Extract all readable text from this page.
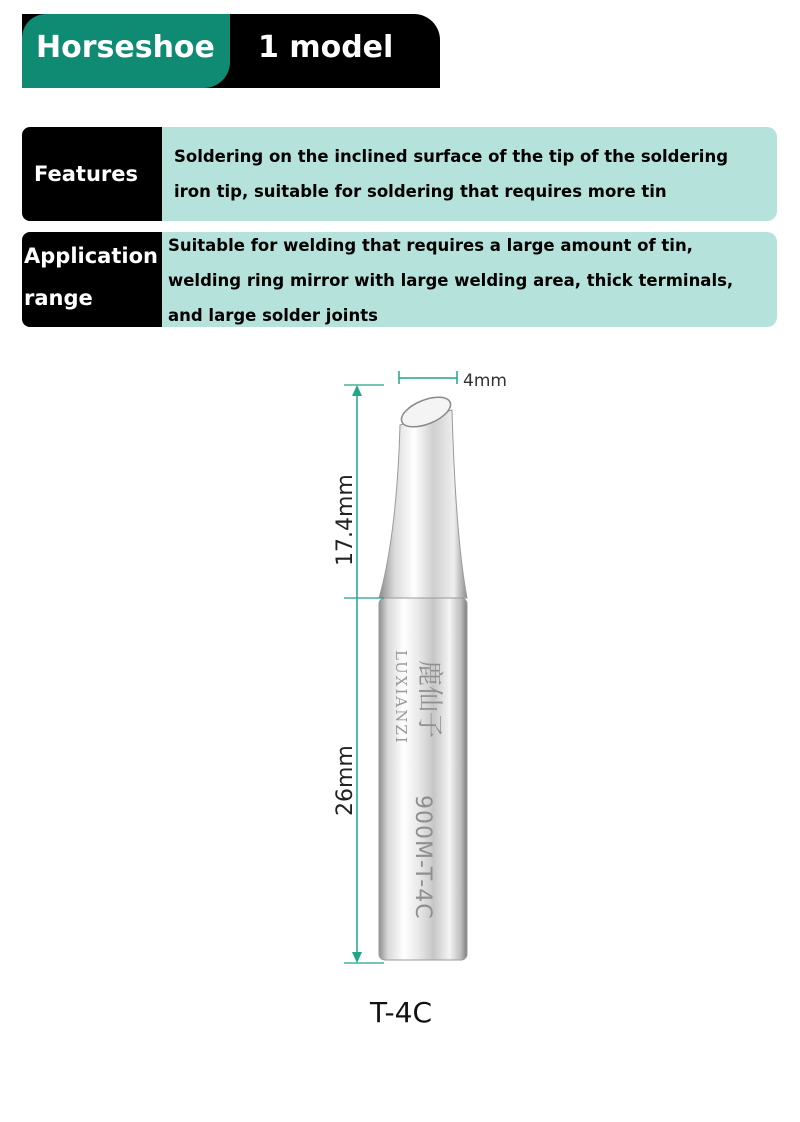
Horseshoe 1 model
Features
Soldering on the inclined surface of the tip of the soldering
iron tip, suitable for soldering that requires more tin
Application
range
Suitable for welding that requires a large amount of tin,
welding ring mirror with large welding area, thick terminals,
and large solder joints
LUXIANZI 鹿仙子
900M-T-4C
4mm
17.4mm
26mm
T-4C
